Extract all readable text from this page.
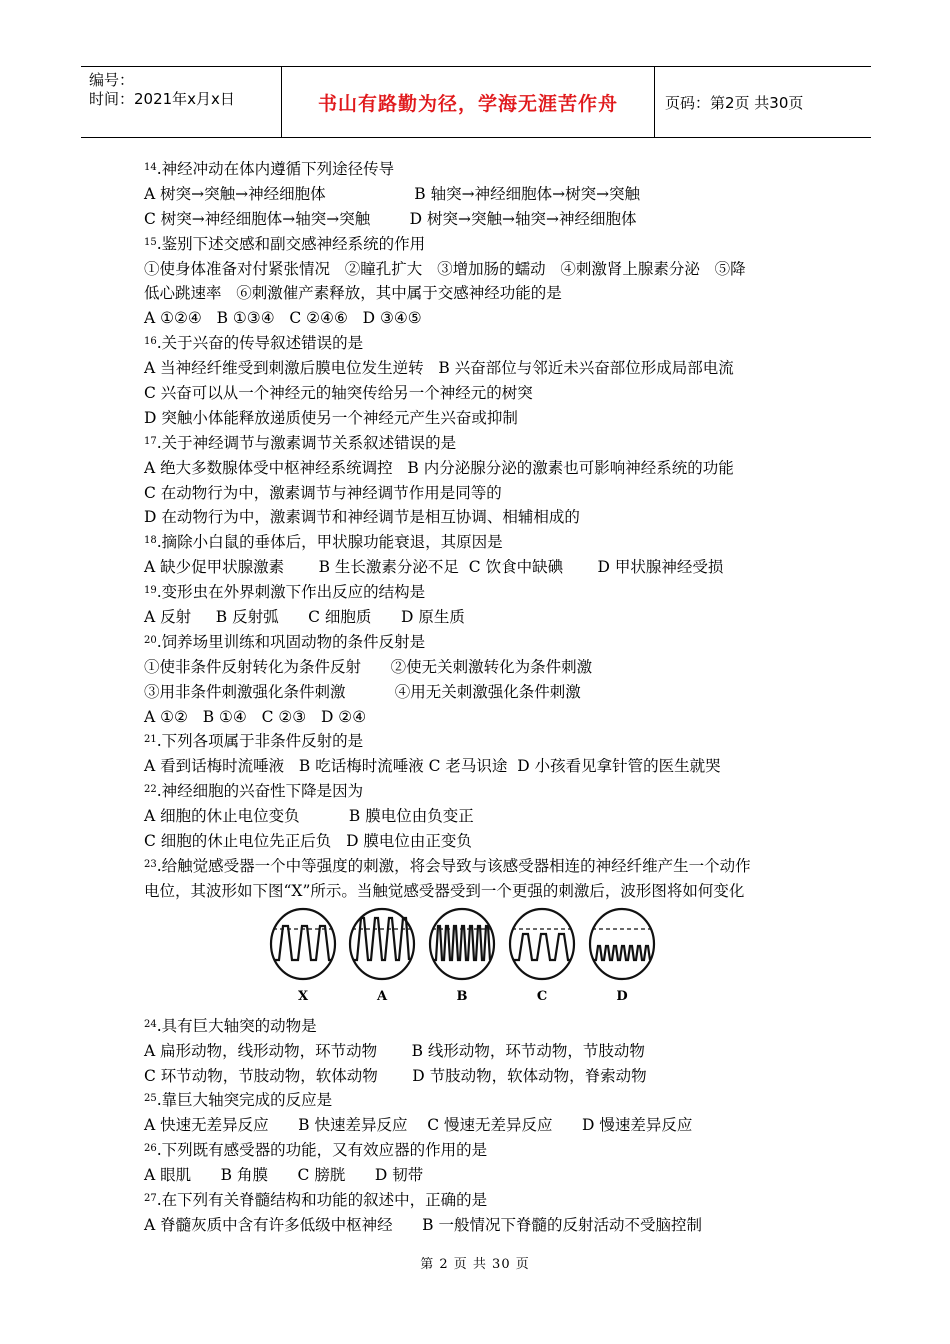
编号：
时间：2021年x月x日	书山有路勤为径，学海无涯苦作舟	页码：第2页 共30页
$^{14}$.神经冲动在体内遵循下列途径传导
A 树突→突触→神经细胞体                  B 轴突→神经细胞体→树突→突触
C 树突→神经细胞体→轴突→突触        D 树突→突触→轴突→神经细胞体
$^{15}$.鉴别下述交感和副交感神经系统的作用
①使身体准备对付紧张情况   ②瞳孔扩大   ③增加肠的蠕动   ④刺激肾上腺素分泌   ⑤降
低心跳速率   ⑥刺激催产素释放，其中属于交感神经功能的是
A ①②④   B ①③④   C ②④⑥   D ③④⑤
$^{16}$.关于兴奋的传导叙述错误的是
A 当神经纤维受到刺激后膜电位发生逆转   B 兴奋部位与邻近未兴奋部位形成局部电流
C 兴奋可以从一个神经元的轴突传给另一个神经元的树突
D 突触小体能释放递质使另一个神经元产生兴奋或抑制
$^{17}$.关于神经调节与激素调节关系叙述错误的是
A 绝大多数腺体受中枢神经系统调控   B 内分泌腺分泌的激素也可影响神经系统的功能
C 在动物行为中，激素调节与神经调节作用是同等的
D 在动物行为中，激素调节和神经调节是相互协调、相辅相成的
$^{18}$.摘除小白鼠的垂体后，甲状腺功能衰退，其原因是
A 缺少促甲状腺激素       B 生长激素分泌不足  C 饮食中缺碘       D 甲状腺神经受损
$^{19}$.变形虫在外界刺激下作出反应的结构是
A 反射     B 反射弧      C 细胞质      D 原生质
$^{20}$.饲养场里训练和巩固动物的条件反射是
①使非条件反射转化为条件反射      ②使无关刺激转化为条件刺激
③用非条件刺激强化条件刺激          ④用无关刺激强化条件刺激
A ①②   B ①④   C ②③   D ②④
$^{21}$.下列各项属于非条件反射的是
A 看到话梅时流唾液   B 吃话梅时流唾液 C 老马识途  D 小孩看见拿针管的医生就哭
$^{22}$.神经细胞的兴奋性下降是因为
A 细胞的休止电位变负          B 膜电位由负变正
C 细胞的休止电位先正后负   D 膜电位由正变负
$^{23}$.给触觉感受器一个中等强度的刺激，将会导致与该感受器相连的神经纤维产生一个动作
电位，其波形如下图“X”所示。当触觉感受器受到一个更强的刺激后，波形图将如何变化
X	A	B	C	D
$^{24}$.具有巨大轴突的动物是
A 扁形动物，线形动物，环节动物       B 线形动物，环节动物，节肢动物
C 环节动物，节肢动物，软体动物       D 节肢动物，软体动物，脊索动物
$^{25}$.靠巨大轴突完成的反应是
A 快速无差异反应      B 快速差异反应    C 慢速无差异反应      D 慢速差异反应
$^{26}$.下列既有感受器的功能，又有效应器的作用的是
A 眼肌      B 角膜      C 膀胱      D 韧带
$^{27}$.在下列有关脊髓结构和功能的叙述中，正确的是
A 脊髓灰质中含有许多低级中枢神经      B 一般情况下脊髓的反射活动不受脑控制
第 2 页 共 30 页
